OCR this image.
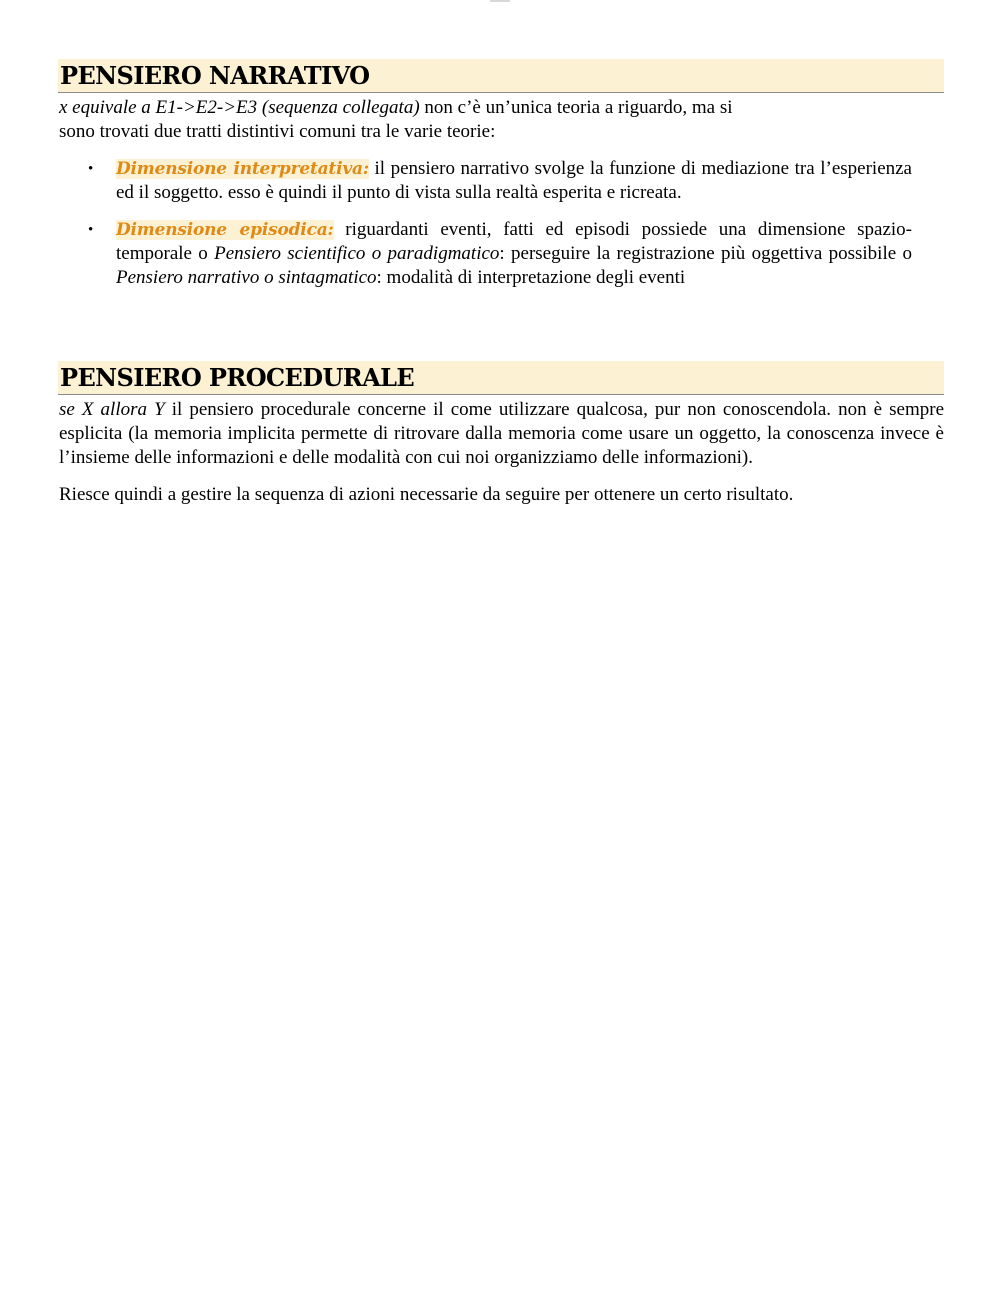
PENSIERO NARRATIVO

x equivale a E1->E2->E3 (sequenza collegata) non c’è un’unica teoria a riguardo, ma si
sono trovati due tratti distintivi comuni tra le varie teorie:

• Dimensione interpretativa: il pensiero narrativo svolge la funzione di mediazione tra l’esperienza ed il soggetto. esso è quindi il punto di vista sulla realtà esperita e ricreata.
• Dimensione episodica: riguardanti eventi, fatti ed episodi possiede una dimensione spazio-temporale o Pensiero scientifico o paradigmatico: perseguire la registrazione più oggettiva possibile o Pensiero narrativo o sintagmatico: modalità di interpretazione degli eventi
PENSIERO PROCEDURALE

se X allora Y il pensiero procedurale concerne il come utilizzare qualcosa, pur non conoscendola. non è sempre esplicita (la memoria implicita permette di ritrovare dalla memoria come usare un oggetto, la conoscenza invece è l’insieme delle informazioni e delle modalità con cui noi organizziamo delle informazioni).

Riesce quindi a gestire la sequenza di azioni necessarie da seguire per ottenere un certo risultato.
